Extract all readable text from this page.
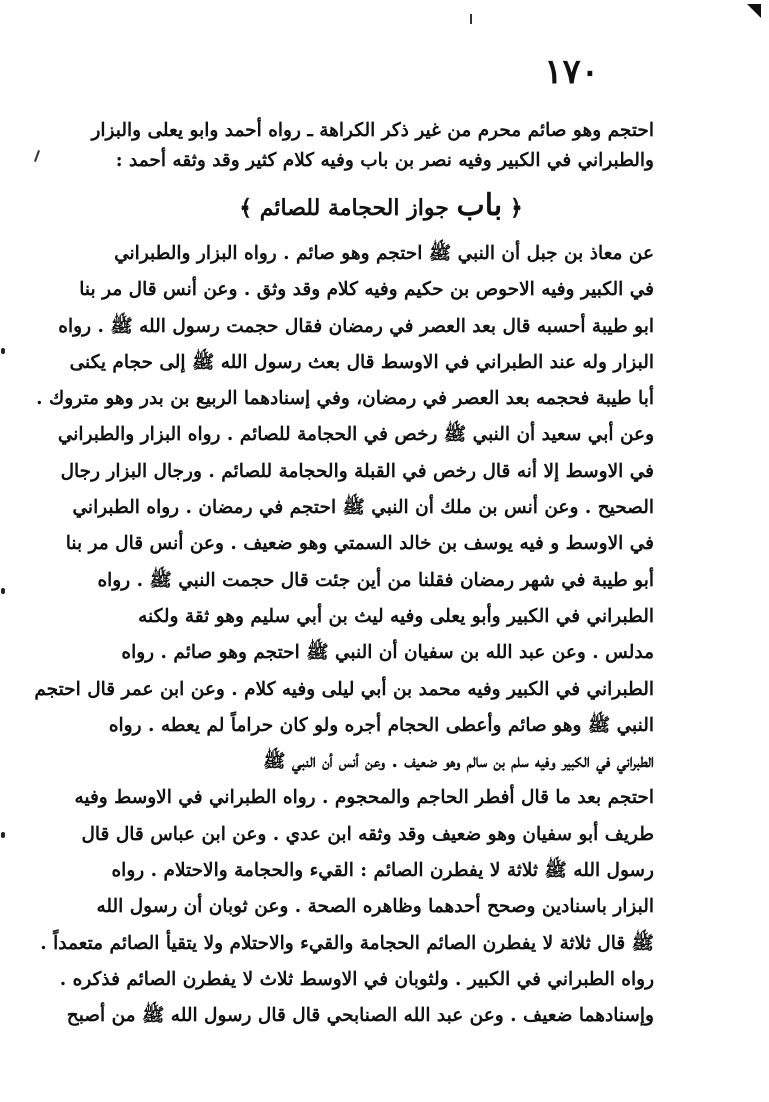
١٧٠
احتجم وهو صائم محرم من غير ذكر الكراهة ـ رواه أحمد وابو يعلى والبزار
والطبراني في الكبير وفيه نصر بن باب وفيه كلام كثير وقد وثقه أحمد :
﴿ باب جواز الحجامة للصائم ﴾
عن معاذ بن جبل أن النبي ﷺ احتجم وهو صائم . رواه البزار والطبراني
في الكبير وفيه الاحوص بن حكيم وفيه كلام وقد وثق . وعن أنس قال مر بنا
ابو طيبة أحسبه قال بعد العصر في رمضان فقال حجمت رسول الله ﷺ . رواه
البزار وله عند الطبراني في الاوسط قال بعث رسول الله ﷺ إلى حجام يكنى
أبا طيبة فحجمه بعد العصر في رمضان، وفي إسنادهما الربيع بن بدر وهو متروك .
وعن أبي سعيد أن النبي ﷺ رخص في الحجامة للصائم . رواه البزار والطبراني
في الاوسط إلا أنه قال رخص في القبلة والحجامة للصائم . ورجال البزار رجال
الصحيح . وعن أنس بن ملك أن النبي ﷺ احتجم في رمضان . رواه الطبراني
في الاوسط و فيه يوسف بن خالد السمتي وهو ضعيف . وعن أنس قال مر بنا
أبو طيبة في شهر رمضان فقلنا من أين جئت قال حجمت النبي ﷺ . رواه
الطبراني في الكبير وأبو يعلى وفيه ليث بن أبي سليم وهو ثقة ولكنه
مدلس . وعن عبد الله بن سفيان أن النبي ﷺ احتجم وهو صائم . رواه
الطبراني في الكبير وفيه محمد بن أبي ليلى وفيه كلام . وعن ابن عمر قال احتجم
النبي ﷺ وهو صائم وأعطى الحجام أجره ولو كان حراماً لم يعطه . رواه
الطبراني في الكبير وفيه سلم بن سالم وهو ضعيف . وعن أنس أن النبي ﷺ
احتجم بعد ما قال أفطر الحاجم والمحجوم . رواه الطبراني في الاوسط وفيه
طريف أبو سفيان وهو ضعيف وقد وثقه ابن عدي . وعن ابن عباس قال قال
رسول الله ﷺ ثلاثة لا يفطرن الصائم : القيء والحجامة والاحتلام . رواه
البزار باسنادين وصحح أحدهما وظاهره الصحة . وعن ثوبان أن رسول الله
ﷺ قال ثلاثة لا يفطرن الصائم الحجامة والقيء والاحتلام ولا يتقيأ الصائم متعمداً .
رواه الطبراني في الكبير . ولثوبان في الاوسط ثلاث لا يفطرن الصائم فذكره .
وإسنادهما ضعيف . وعن عبد الله الصنابحي قال قال رسول الله ﷺ من أصبح
